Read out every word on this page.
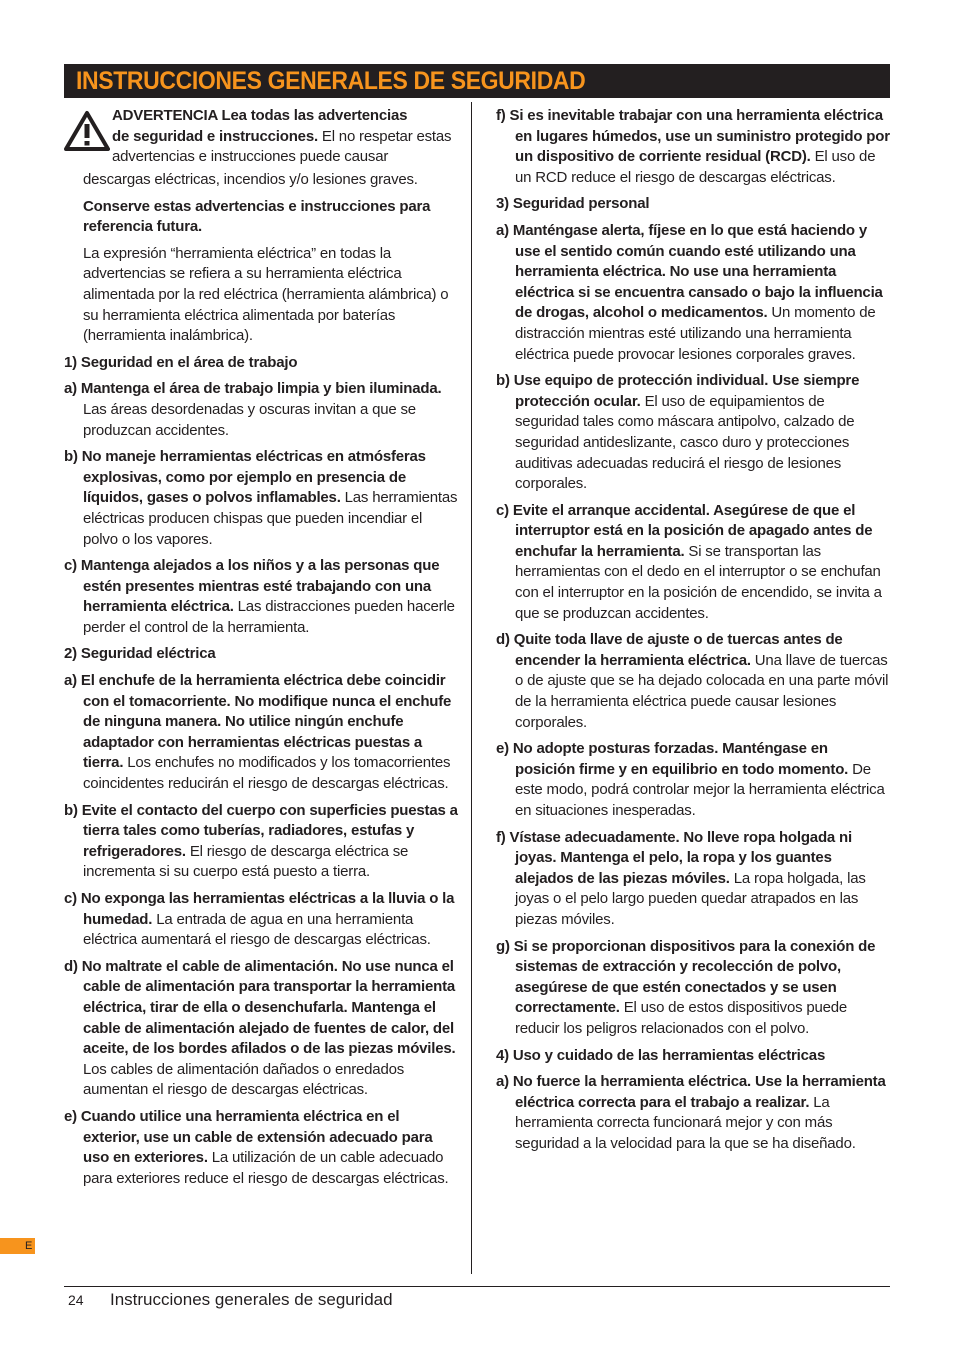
INSTRUCCIONES GENERALES DE SEGURIDAD
ADVERTENCIA Lea todas las advertencias
de seguridad e instrucciones. El no respetar estas advertencias e instrucciones puede causar
descargas eléctricas, incendios y/o lesiones graves.
Conserve estas advertencias e instrucciones para referencia futura.
La expresión “herramienta eléctrica” en todas la advertencias se refiera a su herramienta eléctrica alimentada por la red eléctrica (herramienta alámbrica) o su herramienta eléctrica alimentada por baterías (herramienta inalámbrica).
1) Seguridad en el área de trabajo
a) Mantenga el área de trabajo limpia y bien iluminada. Las áreas desordenadas y oscuras invitan a que se produzcan accidentes.
b) No maneje herramientas eléctricas en atmósferas explosivas, como por ejemplo en presencia de líquidos, gases o polvos inflamables. Las herramientas eléctricas producen chispas que pueden incendiar el polvo o los vapores.
c) Mantenga alejados a los niños y a las personas que estén presentes mientras esté trabajando con una herramienta eléctrica. Las distracciones pueden hacerle perder el control de la herramienta.
2) Seguridad eléctrica
a) El enchufe de la herramienta eléctrica debe coincidir con el tomacorriente. No modifique nunca el enchufe de ninguna manera. No utilice ningún enchufe adaptador con herramientas eléctricas puestas a tierra. Los enchufes no modificados y los tomacorrientes coincidentes reducirán el riesgo de descargas eléctricas.
b) Evite el contacto del cuerpo con superficies puestas a tierra tales como tuberías, radiadores, estufas y refrigeradores. El riesgo de descarga eléctrica se incrementa si su cuerpo está puesto a tierra.
c) No exponga las herramientas eléctricas a la lluvia o la humedad. La entrada de agua en una herramienta eléctrica aumentará el riesgo de descargas eléctricas.
d) No maltrate el cable de alimentación. No use nunca el cable de alimentación para transportar la herramienta eléctrica, tirar de ella o desenchufarla. Mantenga el cable de alimentación alejado de fuentes de calor, del aceite, de los bordes afilados o de las piezas móviles. Los cables de alimentación dañados o enredados aumentan el riesgo de descargas eléctricas.
e) Cuando utilice una herramienta eléctrica en el exterior, use un cable de extensión adecuado para uso en exteriores. La utilización de un cable adecuado para exteriores reduce el riesgo de descargas eléctricas.
f) Si es inevitable trabajar con una herramienta eléctrica en lugares húmedos, use un suministro protegido por un dispositivo de corriente residual (RCD). El uso de un RCD reduce el riesgo de descargas eléctricas.
3) Seguridad personal
a) Manténgase alerta, fíjese en lo que está haciendo y use el sentido común cuando esté utilizando una herramienta eléctrica. No use una herramienta eléctrica si se encuentra cansado o bajo la influencia de drogas, alcohol o medicamentos. Un momento de distracción mientras esté utilizando una herramienta eléctrica puede provocar lesiones corporales graves.
b) Use equipo de protección individual. Use siempre protección ocular. El uso de equipamientos de seguridad tales como máscara antipolvo, calzado de seguridad antideslizante, casco duro y protecciones auditivas adecuadas reducirá el riesgo de lesiones corporales.
c) Evite el arranque accidental. Asegúrese de que el interruptor está en la posición de apagado antes de enchufar la herramienta. Si se transportan las herramientas con el dedo en el interruptor o se enchufan con el interruptor en la posición de encendido, se invita a que se produzcan accidentes.
d) Quite toda llave de ajuste o de tuercas antes de encender la herramienta eléctrica. Una llave de tuercas o de ajuste que se ha dejado colocada en una parte móvil de la herramienta eléctrica puede causar lesiones corporales.
e) No adopte posturas forzadas. Manténgase en posición firme y en equilibrio en todo momento. De este modo, podrá controlar mejor la herramienta eléctrica en situaciones inesperadas.
f) Vístase adecuadamente. No lleve ropa holgada ni joyas. Mantenga el pelo, la ropa y los guantes alejados de las piezas móviles. La ropa holgada, las joyas o el pelo largo pueden quedar atrapados en las piezas móviles.
g) Si se proporcionan dispositivos para la conexión de sistemas de extracción y recolección de polvo, asegúrese de que estén conectados y se usen correctamente. El uso de estos dispositivos puede reducir los peligros relacionados con el polvo.
4) Uso y cuidado de las herramientas eléctricas
a) No fuerce la herramienta eléctrica. Use la herramienta eléctrica correcta para el trabajo a realizar. La herramienta correcta funcionará mejor y con más seguridad a la velocidad para la que se ha diseñado.
E
24 Instrucciones generales de seguridad
